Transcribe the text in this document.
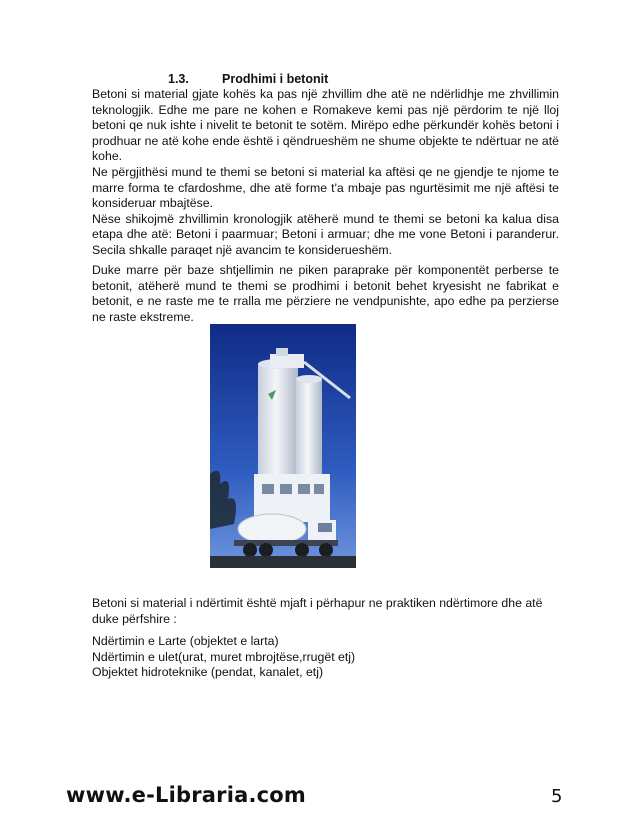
1.3.	Prodhimi i betonit

Betoni si material gjate kohës ka pas një zhvillim dhe atë ne ndërlidhje me zhvillimin teknologjik. Edhe me pare ne kohen e Romakeve kemi pas një përdorim te një lloj betoni qe nuk ishte i nivelit te betonit te sotëm. Mirëpo edhe përkundër kohës betoni i prodhuar ne atë kohe ende është i qëndrueshëm ne shume objekte te ndërtuar ne atë kohe.

Ne përgjithësi mund te themi se betoni si material ka aftësi qe ne gjendje te njome te marre forma te cfardoshme, dhe atë forme t'a mbaje pas ngurtësimit me një aftësi te konsideruar mbajtëse.

Nëse shikojmë zhvillimin kronologjik atëherë mund te themi se betoni ka kalua disa etapa dhe atë: Betoni i paarmuar; Betoni i armuar; dhe me vone Betoni i paranderur. Secila shkalle paraqet një avancim te konsiderueshëm.

Duke marre për baze shtjellimin ne piken paraprake për komponentët perberse te betonit, atëherë mund te themi se prodhimi i betonit behet kryesisht ne fabrikat e betonit, e ne raste me te rralla me përziere ne vendpunishte, apo edhe pa perzierse ne raste ekstreme.

Betoni si material i ndërtimit është mjaft i përhapur ne praktiken ndërtimore dhe atë duke përfshire :

Ndërtimin e Larte (objektet e larta)
Ndërtimin e ulet(urat, muret mbrojtëse,rrugët etj)
Objektet hidroteknike (pendat, kanalet, etj)
www.e-Libraria.com	5
